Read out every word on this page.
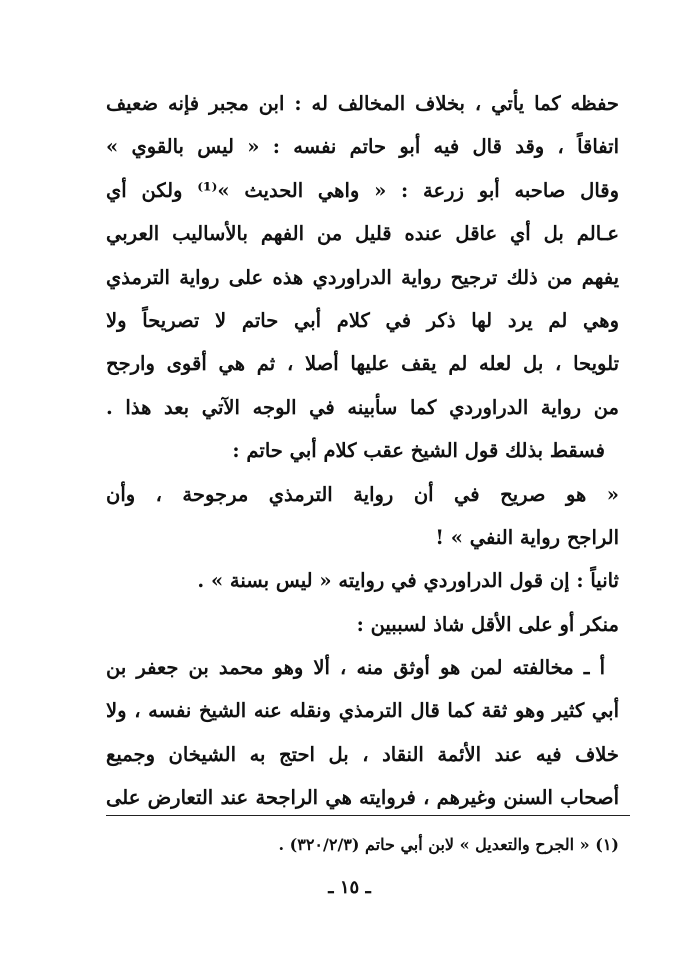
حفظه كما يأتي ، بخلاف المخالف له : ابن مجبر فإنه ضعيف
اتفاقاً ، وقد قال فيه أبو حاتم نفسه : « ليس بالقوي »
وقال صاحبه أبو زرعة : « واهي الحديث »⁽¹⁾ ولكن أي
عـالم بل أي عاقل عنده قليل من الفهم بالأساليب العربي
يفهم من ذلك ترجيح رواية الدراوردي هذه على رواية الترمذي
وهي لم يرد لها ذكر في كلام أبي حاتم لا تصريحاً ولا
تلويحا ، بل لعله لم يقف عليها أصلا ، ثم هي أقوى وارجح
من رواية الدراوردي كما سأبينه في الوجه الآتي بعد هذا .
فسقط بذلك قول الشيخ عقب كلام أبي حاتم :
« هو صريح في أن رواية الترمذي مرجوحة ، وأن
الراجح رواية النفي » !
ثانياً : إن قول الدراوردي في روايته « ليس بسنة » .
منكر أو على الأقل شاذ لسببين :
أ ـ مخالفته لمن هو أوثق منه ، ألا وهو محمد بن جعفر بن
أبي كثير وهو ثقة كما قال الترمذي ونقله عنه الشيخ نفسه ، ولا
خلاف فيه عند الأئمة النقاد ، بل احتج به الشيخان وجميع
أصحاب السنن وغيرهم ، فروايته هي الراجحة عند التعارض على
(١) « الجرح والتعديل » لابن أبي حاتم (٣٢٠/٢/٣) .
ـ ١٥ ـ
